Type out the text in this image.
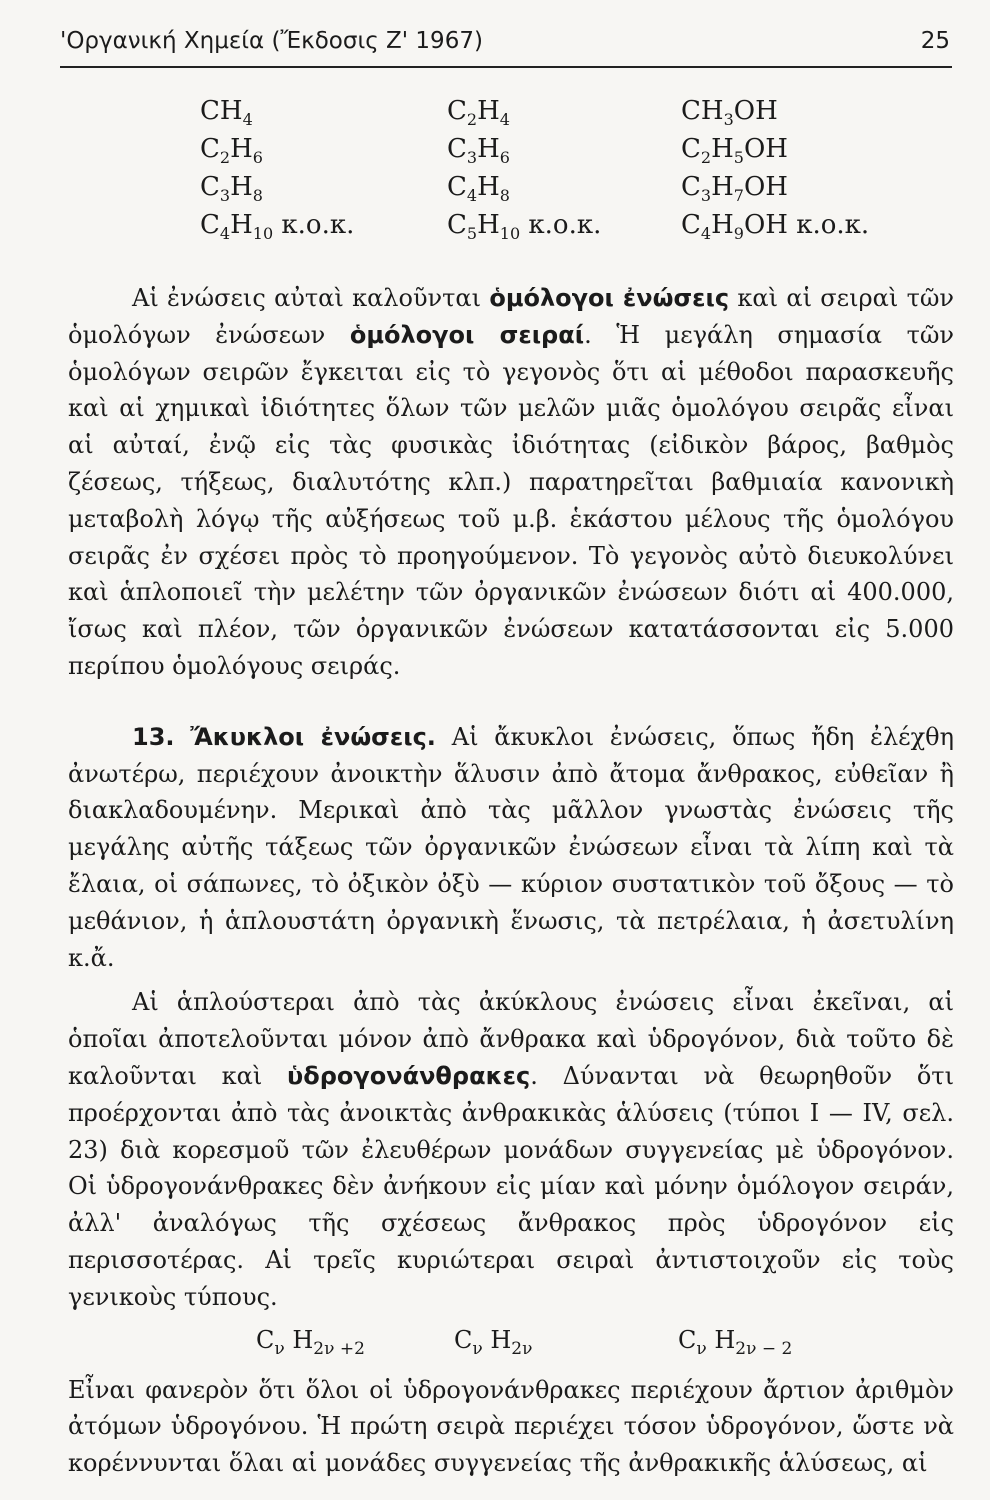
'Οργανική Χημεία (Ἔκδοσις Ζ' 1967)	25
$CH_4$	$C_2H_4$	$CH_3OH$
$C_2H_6$	$C_3H_6$	$C_2H_5OH$
$C_3H_8$	$C_4H_8$	$C_3H_7OH$
$C_4H_{10}$ κ.ο.κ.	$C_5H_{10}$ κ.ο.κ.	$C_4H_9OH$ κ.ο.κ.

Αἱ ἐνώσεις αὐταὶ καλοῦνται ὁμόλογοι ἐνώσεις καὶ αἱ σειραὶ τῶν ὁμολόγων ἐνώσεων ὁμόλογοι σειραί. Ἡ μεγάλη σημασία τῶν ὁμολόγων σειρῶν ἔγκειται εἰς τὸ γεγονὸς ὅτι αἱ μέθοδοι παρασκευῆς καὶ αἱ χημικαὶ ἰδιότητες ὅλων τῶν μελῶν μιᾶς ὁμολόγου σειρᾶς εἶναι αἱ αὐταί, ἐνῷ εἰς τὰς φυσικὰς ἰδιότητας (εἰδικὸν βάρος, βαθμὸς ζέσεως, τήξεως, διαλυτότης κλπ.) παρατηρεῖται βαθμιαία κανονικὴ μεταβολὴ λόγῳ τῆς αὐξήσεως τοῦ μ.β. ἑκάστου μέλους τῆς ὁμολόγου σειρᾶς ἐν σχέσει πρὸς τὸ προηγούμενον. Τὸ γεγονὸς αὐτὸ διευκολύνει καὶ ἁπλοποιεῖ τὴν μελέτην τῶν ὀργανικῶν ἐνώσεων διότι αἱ 400.000, ἴσως καὶ πλέον, τῶν ὀργανικῶν ἐνώσεων κατατάσσονται εἰς 5.000 περίπου ὁμολόγους σειράς.

13. Ἄκυκλοι ἐνώσεις. Αἱ ἄκυκλοι ἐνώσεις, ὅπως ἤδη ἐλέχθη ἀνωτέρω, περιέχουν ἀνοικτὴν ἅλυσιν ἀπὸ ἄτομα ἄνθρακος, εὐθεῖαν ἢ διακλαδουμένην. Μερικαὶ ἀπὸ τὰς μᾶλλον γνωστὰς ἐνώσεις τῆς μεγάλης αὐτῆς τάξεως τῶν ὀργανικῶν ἐνώσεων εἶναι τὰ λίπη καὶ τὰ ἔλαια, οἱ σάπωνες, τὸ ὀξικὸν ὀξὺ — κύριον συστατικὸν τοῦ ὄξους — τὸ μεθάνιον, ἡ ἁπλουστάτη ὀργανικὴ ἕνωσις, τὰ πετρέλαια, ἡ ἀσετυλίνη κ.ἄ.

Αἱ ἁπλούστεραι ἀπὸ τὰς ἀκύκλους ἐνώσεις εἶναι ἐκεῖναι, αἱ ὁποῖαι ἀποτελοῦνται μόνον ἀπὸ ἄνθρακα καὶ ὑδρογόνον, διὰ τοῦτο δὲ καλοῦνται καὶ ὑδρογονάνθρακες. Δύνανται νὰ θεωρηθοῦν ὅτι προέρχονται ἀπὸ τὰς ἀνοικτὰς ἀνθρακικὰς ἁλύσεις (τύποι I — IV, σελ. 23) διὰ κορεσμοῦ τῶν ἐλευθέρων μονάδων συγγενείας μὲ ὑδρογόνον. Οἱ ὑδρογονάνθρακες δὲν ἀνήκουν εἰς μίαν καὶ μόνην ὁμόλογον σειράν, ἀλλ' ἀναλόγως τῆς σχέσεως ἄνθρακος πρὸς ὑδρογόνον εἰς περισσοτέρας. Αἱ τρεῖς κυριώτεραι σειραὶ ἀντιστοιχοῦν εἰς τοὺς γενικοὺς τύπους.

$C_\nu$ $H_{2\nu +2}$	$C_\nu$ $H_{2\nu}$	$C_\nu$ $H_{2\nu - 2}$

Εἶναι φανερὸν ὅτι ὅλοι οἱ ὑδρογονάνθρακες περιέχουν ἄρτιον ἀριθμὸν ἀτόμων ὑδρογόνου. Ἡ πρώτη σειρὰ περιέχει τόσον ὑδρογόνον, ὥστε νὰ κορέννυνται ὅλαι αἱ μονάδες συγγενείας τῆς ἀνθρακικῆς ἁλύσεως, αἱ
